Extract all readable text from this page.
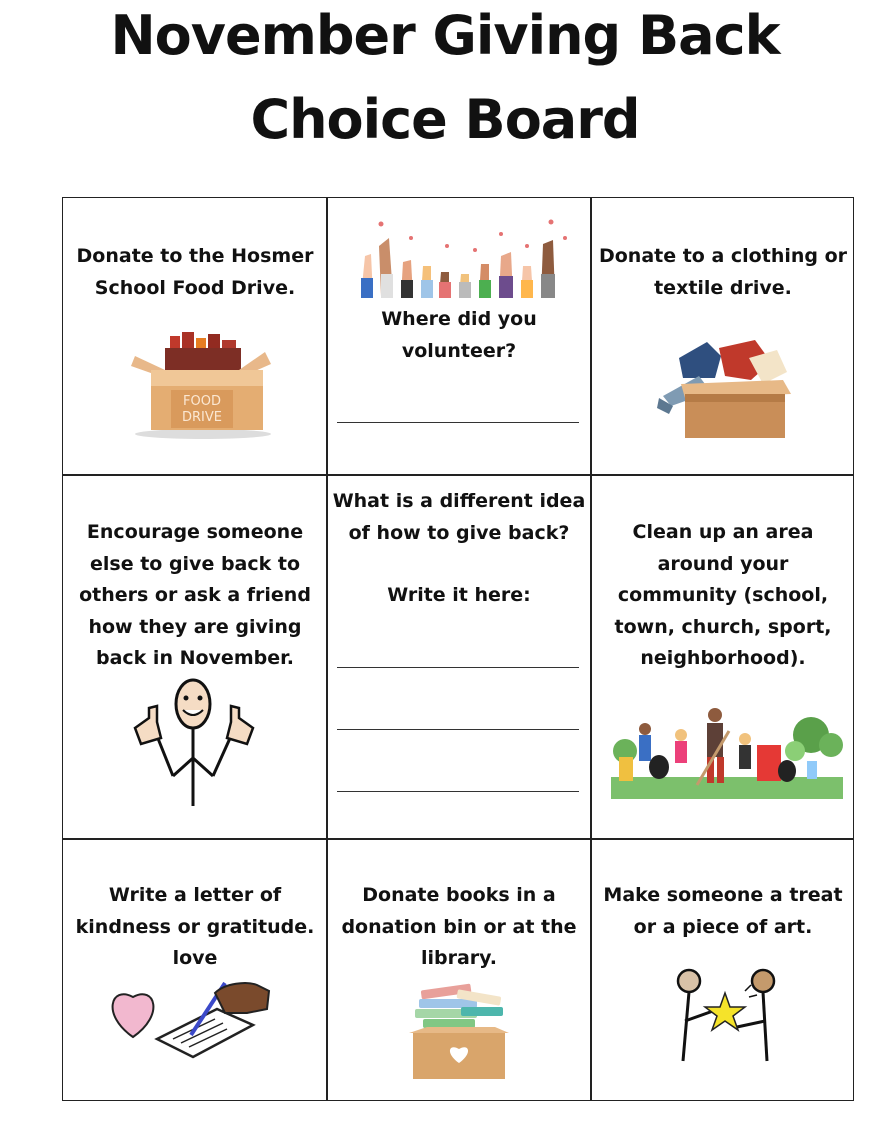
November Giving Back
Choice Board
Donate to the Hosmer
School Food Drive.
FOOD
DRIVE
Where did you
volunteer?
Donate to a clothing or
textile drive.
Encourage someone
else to give back to
others or ask a friend
how they are giving
back in November.
What is a different idea
of how to give back?
Write it here:
Clean up an area
around your
community (school,
town, church, sport,
neighborhood).
Write a letter of
kindness or gratitude.
love
Donate books in a
donation bin or at the
library.
Make someone a treat
or a piece of art.
